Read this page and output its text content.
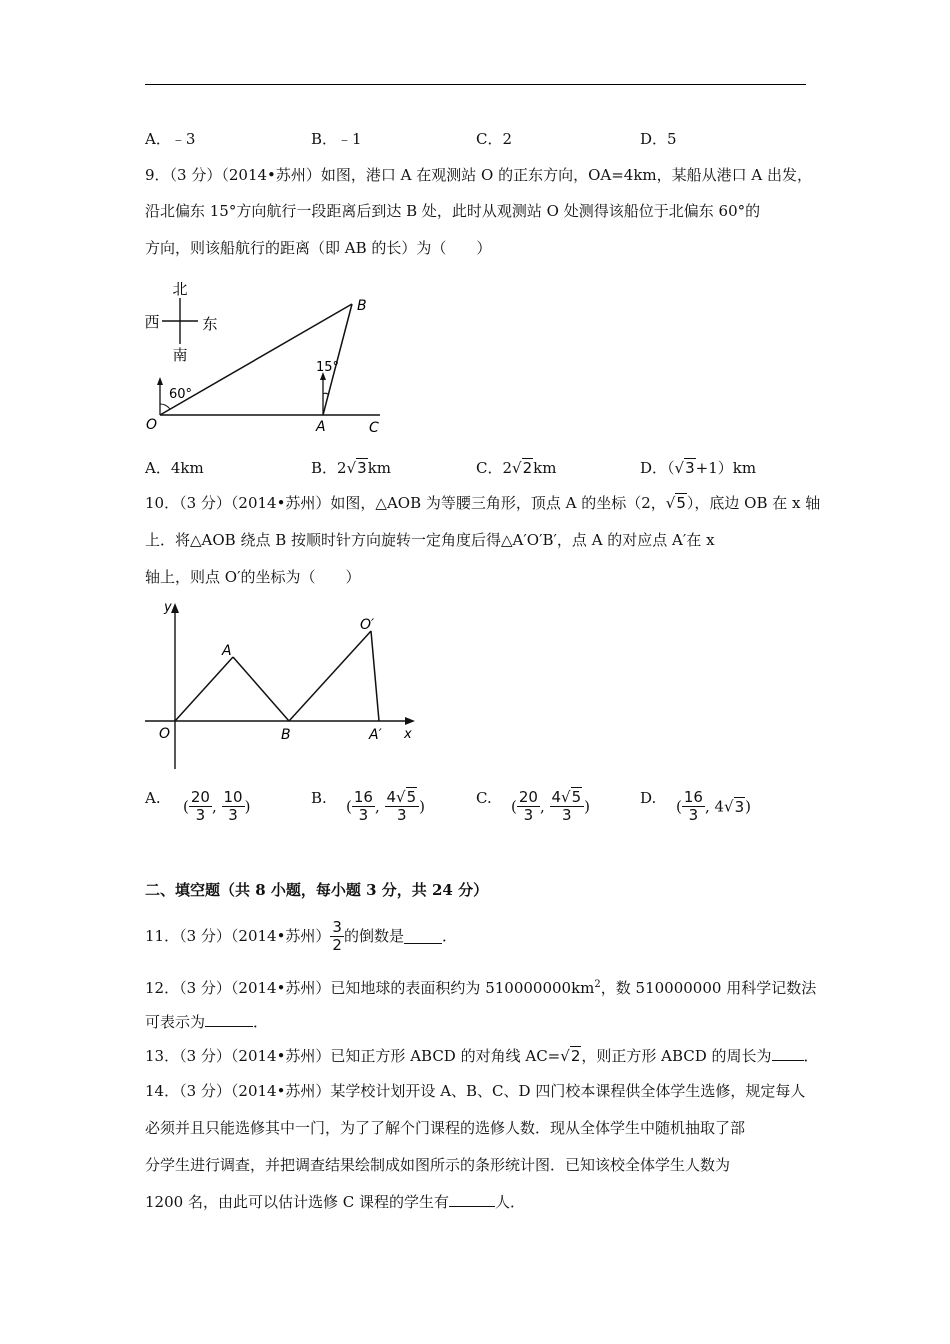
A．﹣3	B．﹣1	C．2	D．5
9．（3 分）（2014•苏州）如图，港口 A 在观测站 O 的正东方向，OA=4km，某船从港口 A 出发，
沿北偏东 15°方向航行一段距离后到达 B 处，此时从观测站 O 处测得该船位于北偏东 60°的
方向，则该船航行的距离（即 AB 的长）为（　　）
北
南
西	东
60°
15°
B
O	A	C
A．4km	B．2√3km	C．2√2km	D．（√3+1）km
10．（3 分）（2014•苏州）如图，△AOB 为等腰三角形，顶点 A 的坐标（2，√5），底边 OB 在 x 轴
上．将△AOB 绕点 B 按顺时针方向旋转一定角度后得△A′O′B′，点 A 的对应点 A′在 x
轴上，则点 O′的坐标为（　　）
y
x
O
A
B	A′
O′
A. ( $\frac{20}{3}$ , $\frac{10}{3}$ )	B. ( $\frac{16}{3}$ , $\frac{4√5}{3}$ )	C. ( $\frac{20}{3}$ , $\frac{4√5}{3}$ )	D. ( $\frac{16}{3}$ , 4√3)
二、填空题（共 8 小题，每小题 3 分，共 24 分）
11．（3 分）（2014•苏州） $\frac{3}{2}$ 的倒数是	．
12．（3 分）（2014•苏州）已知地球的表面积约为 $510000000km^2$，数 510000000 用科学记数法
可表示为	．
13．（3 分）（2014•苏州）已知正方形 ABCD 的对角线 AC=√2，则正方形 ABCD 的周长为 ．
14．（3 分）（2014•苏州）某学校计划开设 A、B、C、D 四门校本课程供全体学生选修，规定每人
必须并且只能选修其中一门，为了了解个门课程的选修人数．现从全体学生中随机抽取了部
分学生进行调查，并把调查结果绘制成如图所示的条形统计图．已知该校全体学生人数为
1200 名，由此可以估计选修 C 课程的学生有	人．
